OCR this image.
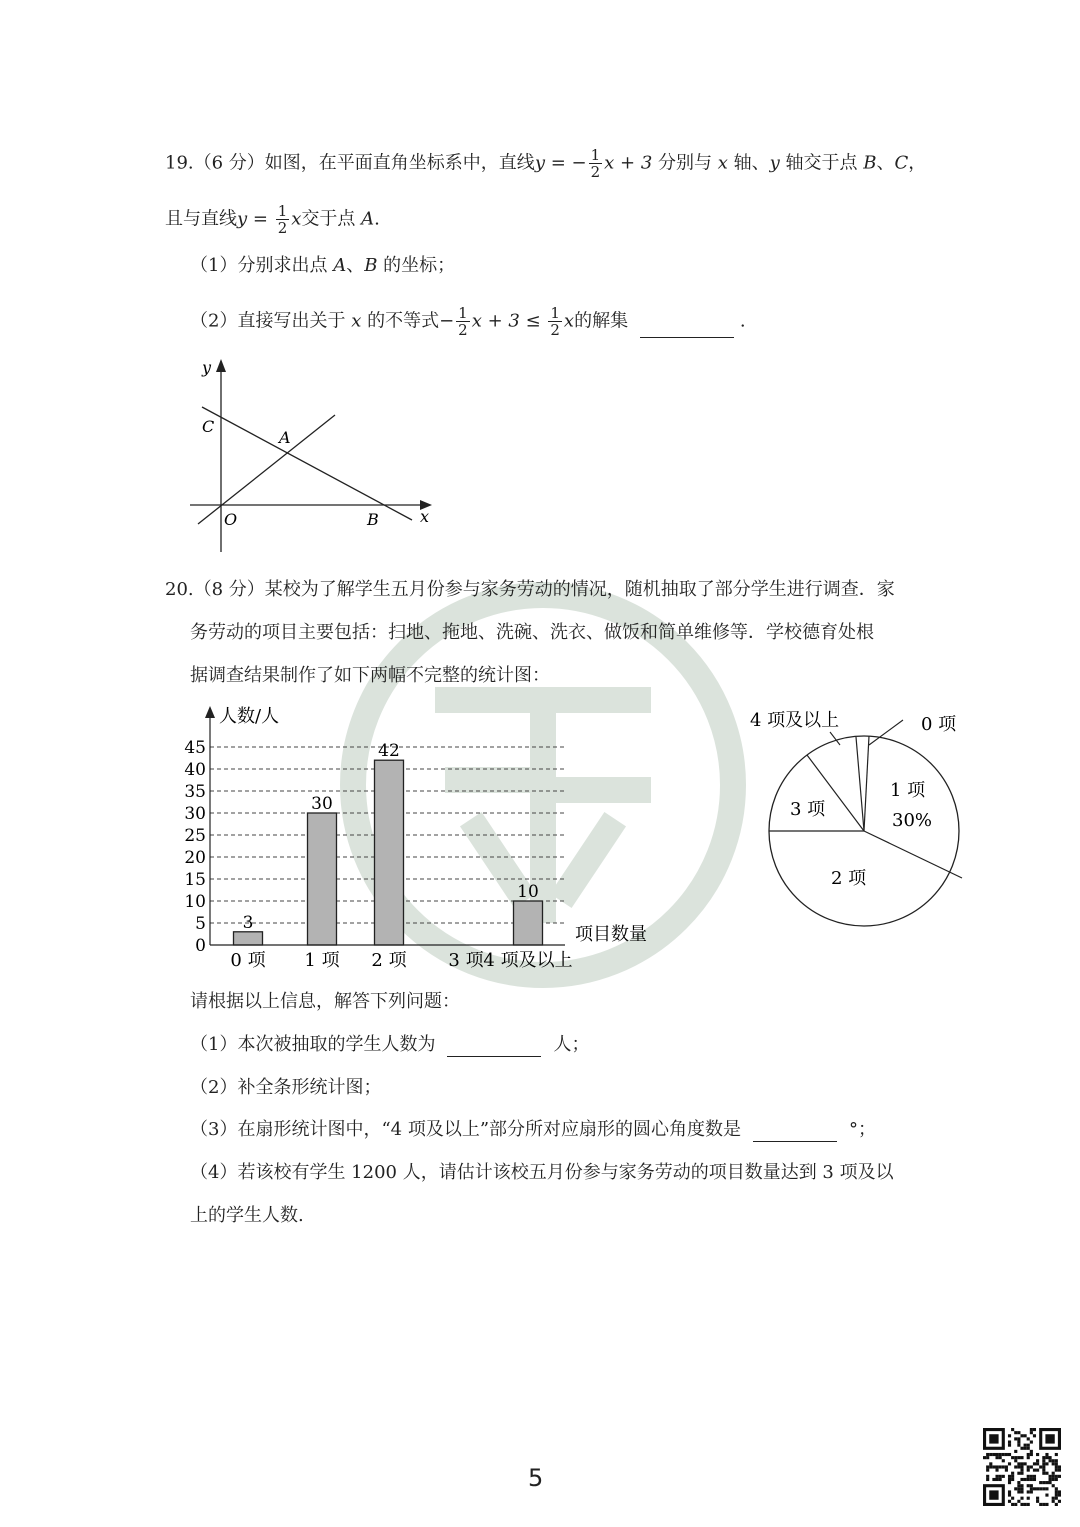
19.（6 分）如图，在平面直角坐标系中，直线y = − $\frac{1}{2}$ x + 3 分别与 x 轴、y 轴交于点 B、C，
且与直线$y = \frac{1}{2}$ x交于点 A.
（1）分别求出点 A、B 的坐标；
（2）直接写出关于 x 的不等式− $\frac{1}{2}$ $x + 3 \le \frac{1}{2}$ x的解集	.
y
x
C
A
O	B
20.（8 分）某校为了解学生五月份参与家务劳动的情况，随机抽取了部分学生进行调查．家
务劳动的项目主要包括：扫地、拖地、洗碗、洗衣、做饭和简单维修等．学校德育处根
据调查结果制作了如下两幅不完整的统计图：
0
5
10
15
20
25
30
35
40
45
3
30
42
10
0 项 1 项 2 项 3 项 4 项及以上
人数/人
项目数量
0 项
4 项及以上
1 项
30%
3 项
2 项
请根据以上信息，解答下列问题：
（1）本次被抽取的学生人数为	人；
（2）补全条形统计图；
（3）在扇形统计图中，“4 项及以上”部分所对应扇形的圆心角度数是	°；
（4）若该校有学生 1200 人，请估计该校五月份参与家务劳动的项目数量达到 3 项及以
上的学生人数.
5
